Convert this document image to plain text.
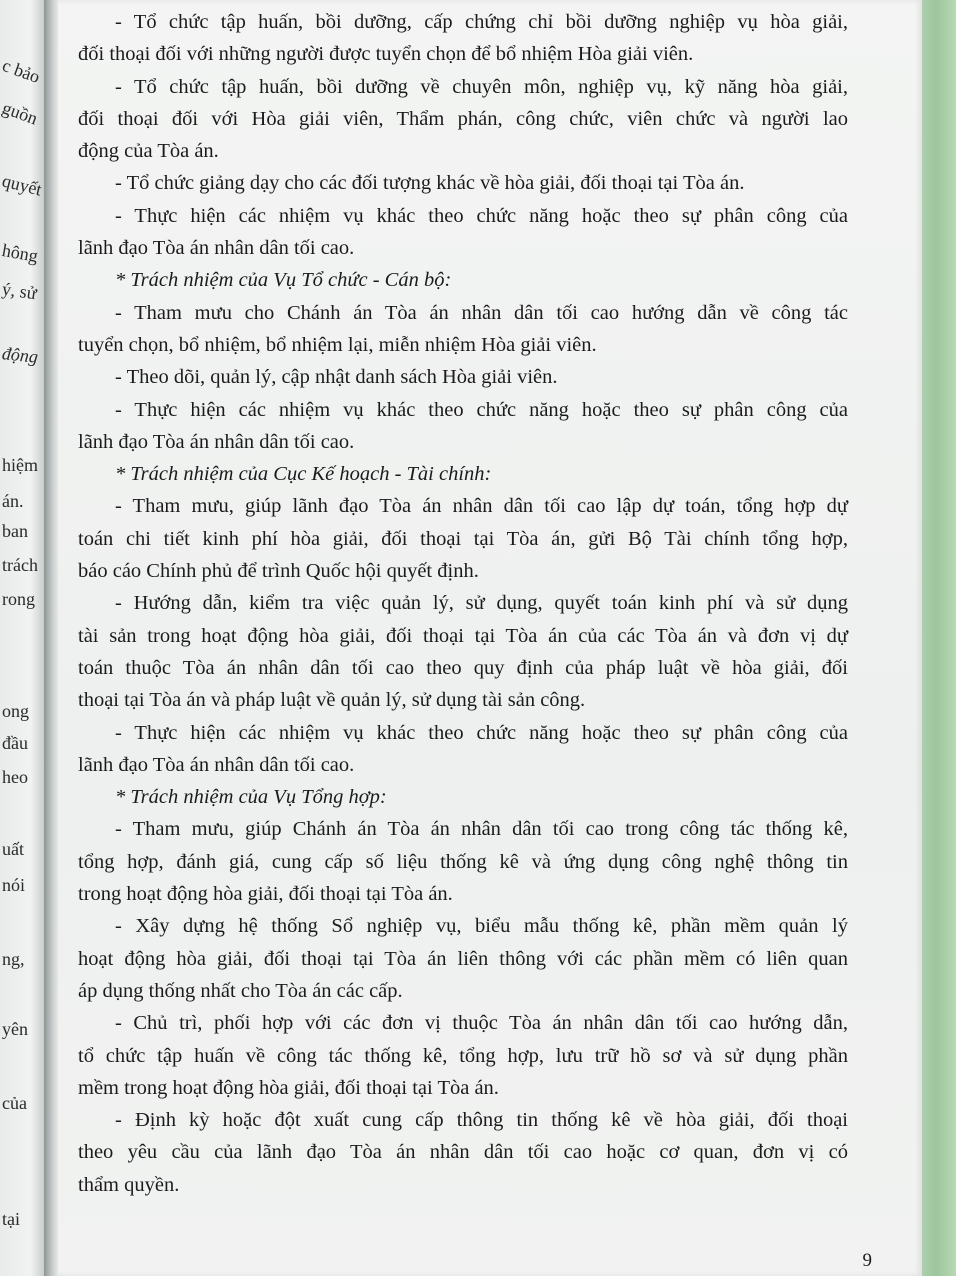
c bảo
guồn
quyết
hông
ý, sử
động
hiệm
án.
ban
trách
rong
ong
đầu
heo
uất
nói
ng,
yên
của
tại

- Tổ chức tập huấn, bồi dưỡng, cấp chứng chỉ bồi dưỡng nghiệp vụ hòa giải,
đối thoại đối với những người được tuyển chọn để bổ nhiệm Hòa giải viên.

- Tổ chức tập huấn, bồi dưỡng về chuyên môn, nghiệp vụ, kỹ năng hòa giải,
đối thoại đối với Hòa giải viên, Thẩm phán, công chức, viên chức và người lao
động của Tòa án.

- Tổ chức giảng dạy cho các đối tượng khác về hòa giải, đối thoại tại Tòa án.

- Thực hiện các nhiệm vụ khác theo chức năng hoặc theo sự phân công của
lãnh đạo Tòa án nhân dân tối cao.

* Trách nhiệm của Vụ Tổ chức - Cán bộ:

- Tham mưu cho Chánh án Tòa án nhân dân tối cao hướng dẫn về công tác
tuyển chọn, bổ nhiệm, bổ nhiệm lại, miễn nhiệm Hòa giải viên.

- Theo dõi, quản lý, cập nhật danh sách Hòa giải viên.

- Thực hiện các nhiệm vụ khác theo chức năng hoặc theo sự phân công của
lãnh đạo Tòa án nhân dân tối cao.

* Trách nhiệm của Cục Kế hoạch - Tài chính:

- Tham mưu, giúp lãnh đạo Tòa án nhân dân tối cao lập dự toán, tổng hợp dự
toán chi tiết kinh phí hòa giải, đối thoại tại Tòa án, gửi Bộ Tài chính tổng hợp,
báo cáo Chính phủ để trình Quốc hội quyết định.

- Hướng dẫn, kiểm tra việc quản lý, sử dụng, quyết toán kinh phí và sử dụng
tài sản trong hoạt động hòa giải, đối thoại tại Tòa án của các Tòa án và đơn vị dự
toán thuộc Tòa án nhân dân tối cao theo quy định của pháp luật về hòa giải, đối
thoại tại Tòa án và pháp luật về quản lý, sử dụng tài sản công.

- Thực hiện các nhiệm vụ khác theo chức năng hoặc theo sự phân công của
lãnh đạo Tòa án nhân dân tối cao.

* Trách nhiệm của Vụ Tổng hợp:

- Tham mưu, giúp Chánh án Tòa án nhân dân tối cao trong công tác thống kê,
tổng hợp, đánh giá, cung cấp số liệu thống kê và ứng dụng công nghệ thông tin
trong hoạt động hòa giải, đối thoại tại Tòa án.

- Xây dựng hệ thống Sổ nghiệp vụ, biểu mẫu thống kê, phần mềm quản lý
hoạt động hòa giải, đối thoại tại Tòa án liên thông với các phần mềm có liên quan
áp dụng thống nhất cho Tòa án các cấp.

- Chủ trì, phối hợp với các đơn vị thuộc Tòa án nhân dân tối cao hướng dẫn,
tổ chức tập huấn về công tác thống kê, tổng hợp, lưu trữ hồ sơ và sử dụng phần
mềm trong hoạt động hòa giải, đối thoại tại Tòa án.

- Định kỳ hoặc đột xuất cung cấp thông tin thống kê về hòa giải, đối thoại
theo yêu cầu của lãnh đạo Tòa án nhân dân tối cao hoặc cơ quan, đơn vị có
thẩm quyền.

9
